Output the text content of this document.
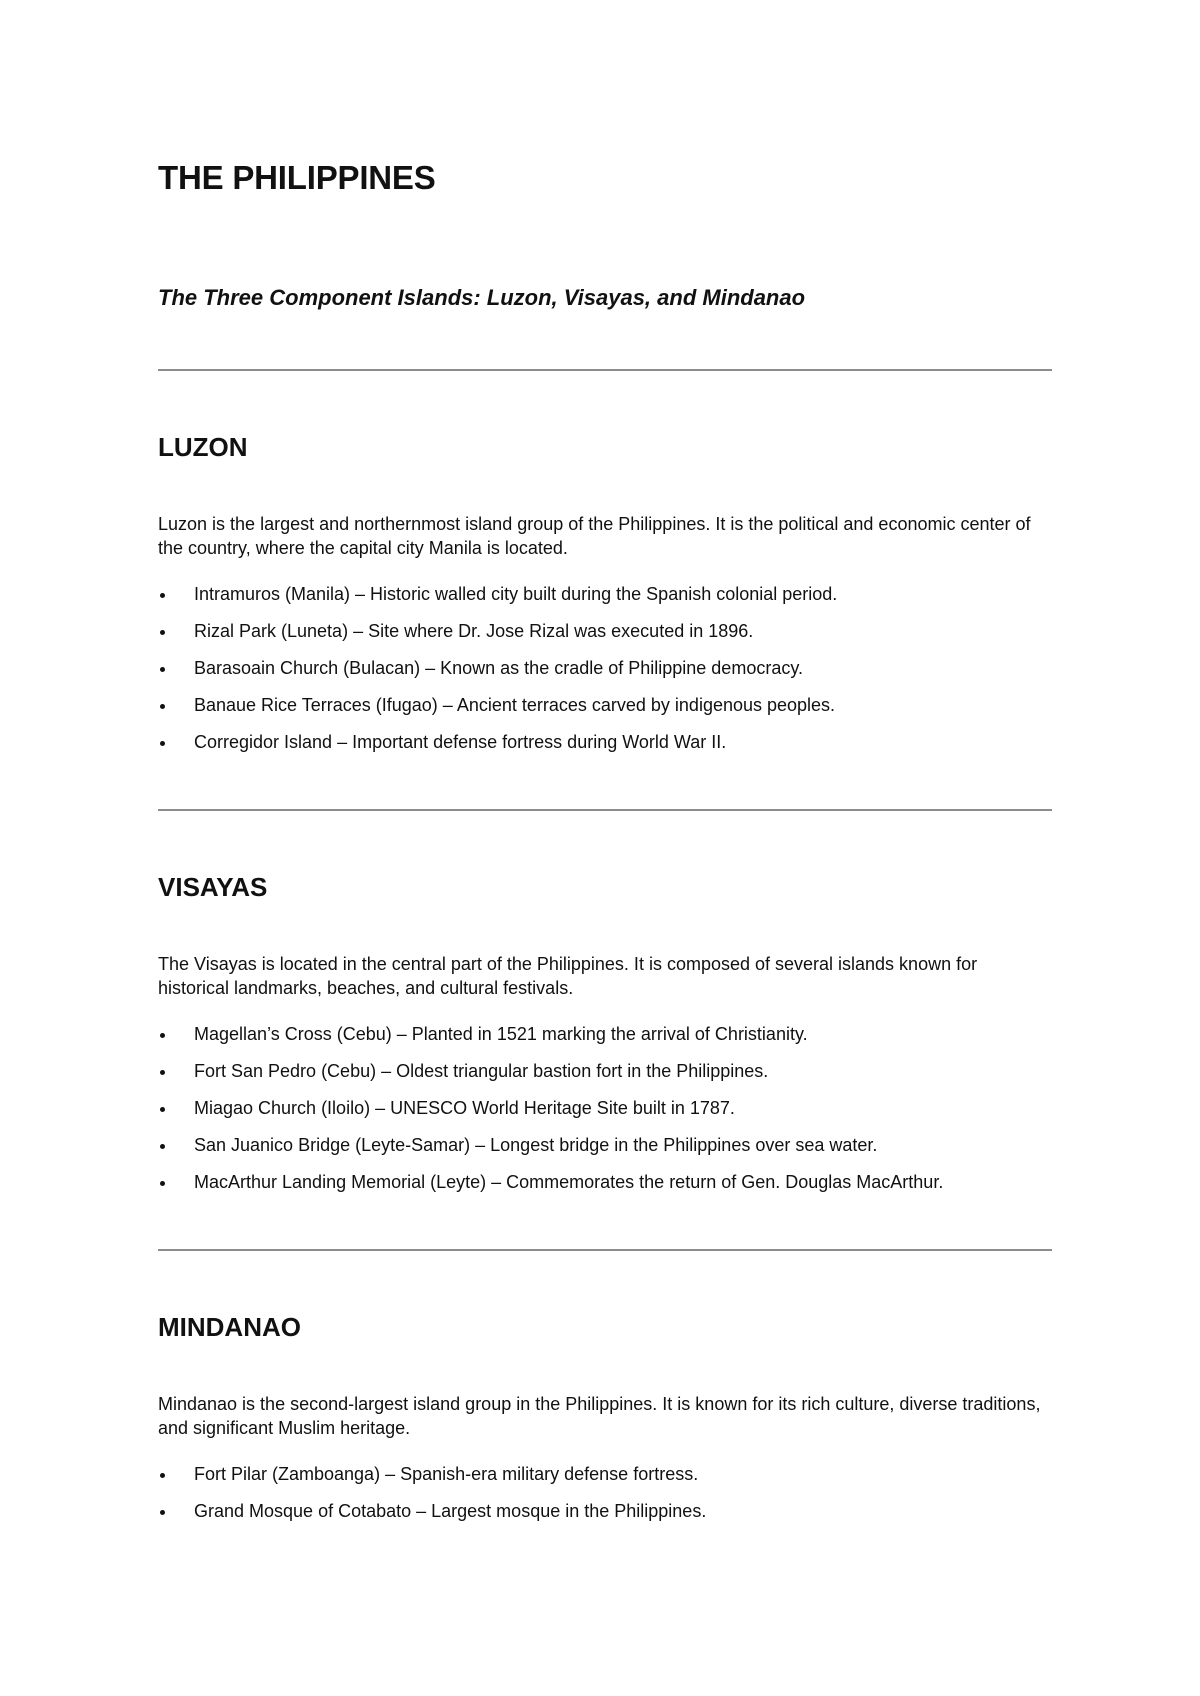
THE PHILIPPINES
The Three Component Islands: Luzon, Visayas, and Mindanao
LUZON

Luzon is the largest and northernmost island group of the Philippines. It is the political and economic center of the country, where the capital city Manila is located.

Intramuros (Manila) – Historic walled city built during the Spanish colonial period.
Rizal Park (Luneta) – Site where Dr. Jose Rizal was executed in 1896.
Barasoain Church (Bulacan) – Known as the cradle of Philippine democracy.
Banaue Rice Terraces (Ifugao) – Ancient terraces carved by indigenous peoples.
Corregidor Island – Important defense fortress during World War II.
VISAYAS

The Visayas is located in the central part of the Philippines. It is composed of several islands known for historical landmarks, beaches, and cultural festivals.

Magellan’s Cross (Cebu) – Planted in 1521 marking the arrival of Christianity.
Fort San Pedro (Cebu) – Oldest triangular bastion fort in the Philippines.
Miagao Church (Iloilo) – UNESCO World Heritage Site built in 1787.
San Juanico Bridge (Leyte-Samar) – Longest bridge in the Philippines over sea water.
MacArthur Landing Memorial (Leyte) – Commemorates the return of Gen. Douglas MacArthur.
MINDANAO

Mindanao is the second-largest island group in the Philippines. It is known for its rich culture, diverse traditions, and significant Muslim heritage.

Fort Pilar (Zamboanga) – Spanish-era military defense fortress.
Grand Mosque of Cotabato – Largest mosque in the Philippines.
